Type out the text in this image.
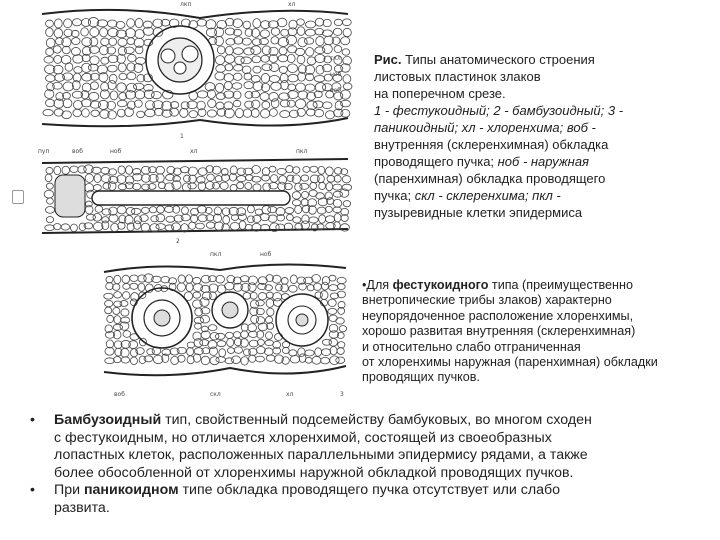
лкп	хл
скл
ноб
воб
1
пуп	воб	ноб	хл	пкл
2
пкл	ноб
воб	скл	хл	3
Рис. Типы анатомического строения
листовых пластинок злаков
на поперечном срезе.
1 - фестукоидный; 2 - бамбузоидный; 3 -
паникоидный; хл - хлоренхима; воб -
внутренняя (склеренхимная) обкладка
проводящего пучка; ноб - наружная
(паренхимная) обкладка проводящего
пучка; скл - склеренхима; пкл -
пузыревидные клетки эпидермиса
•Для фестукоидного типа (преимущественно
внетропические трибы злаков) характерно
неупорядоченное расположение хлоренхимы,
хорошо развитая внутренняя (склеренхимная)
и относительно слабо отграниченная
от хлоренхимы наружная (паренхимная) обкладки
проводящих пучков.
• Бамбузоидный тип, свойственный подсемейству бамбуковых, во многом сходен
с фестукоидным, но отличается хлоренхимой, состоящей из своеобразных
лопастных клеток, расположенных параллельными эпидермису рядами, а также
более обособленной от хлоренхимы наружной обкладкой проводящих пучков.
• При паникоидном типе обкладка проводящего пучка отсутствует или слабо
развита.
